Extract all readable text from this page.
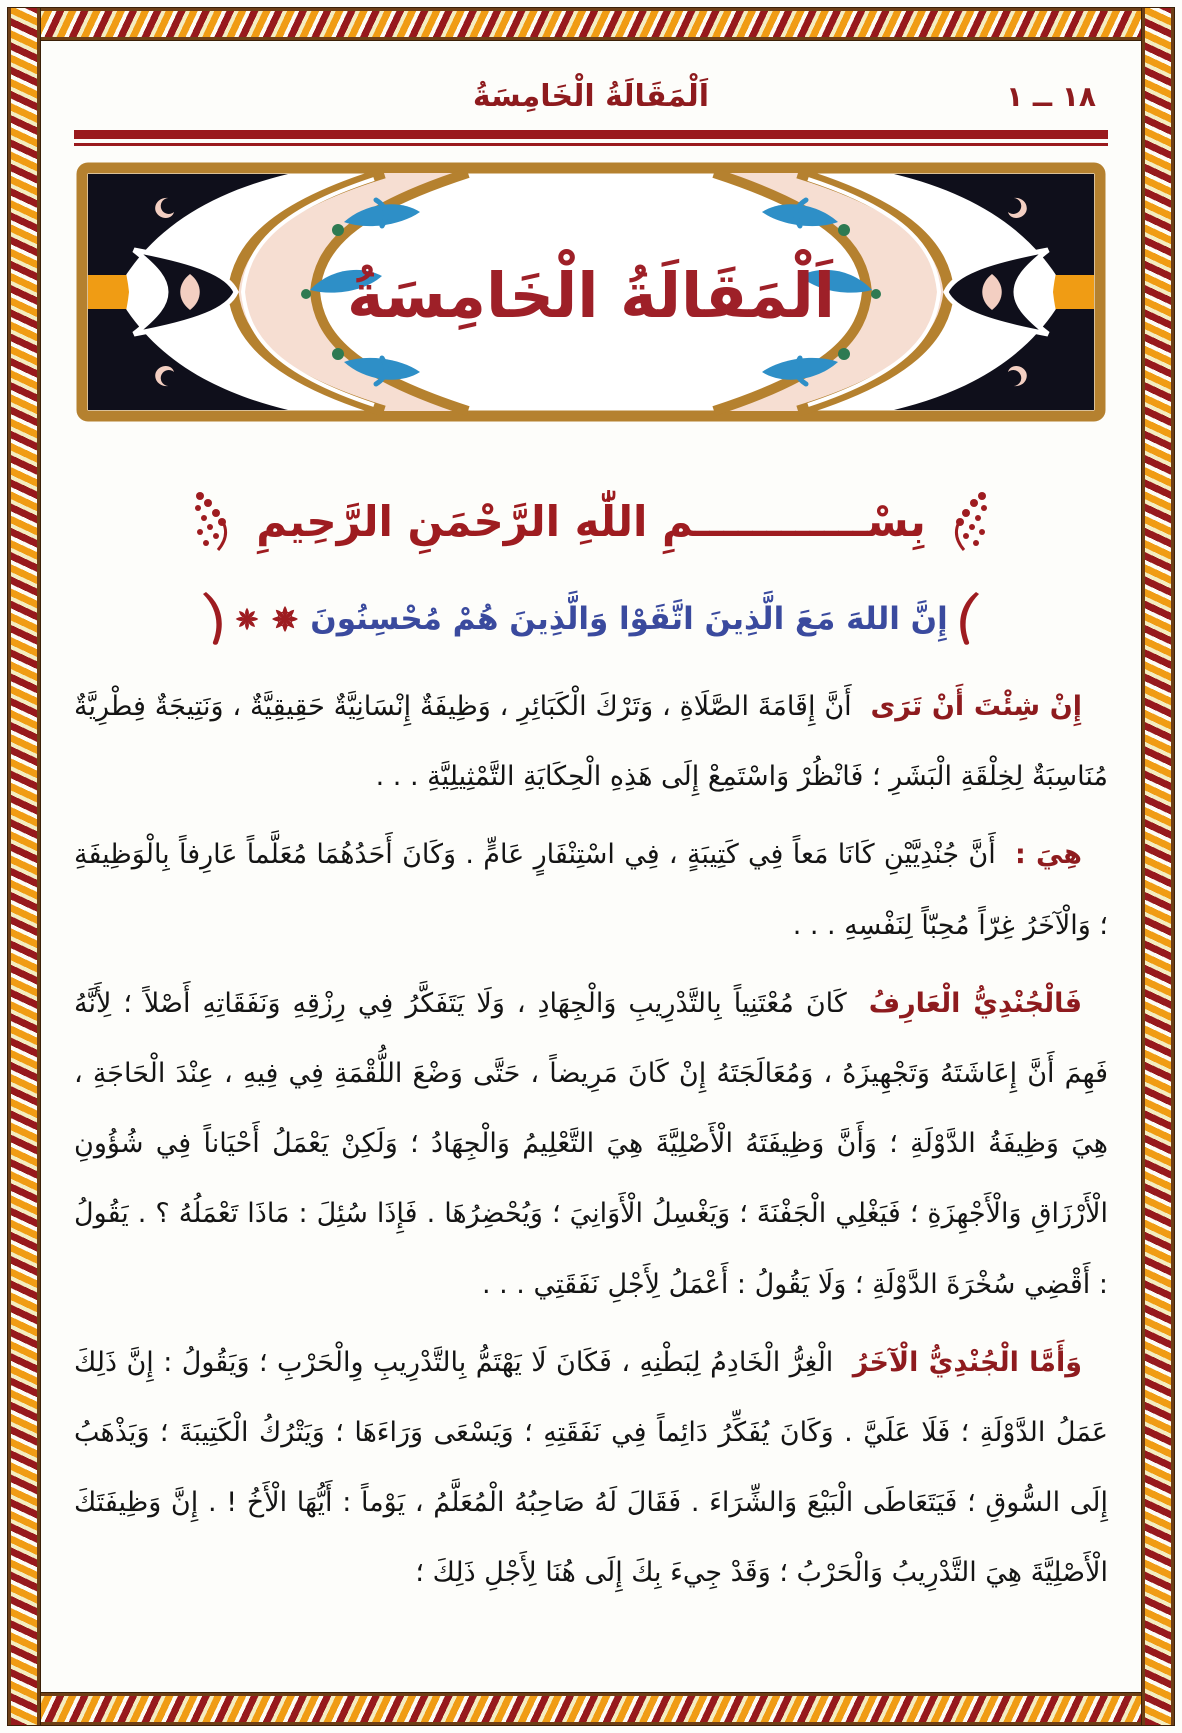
اَلْمَقَالَةُ الْخَامِسَةُ	١٨ ــ ١
اَلْمَقَالَةُ الْخَامِسَةُ
بِسْــــــــــــمِ اللّٰهِ الرَّحْمَنِ الرَّحِيمِ
إِنَّ اللهَ مَعَ الَّذِينَ اتَّقَوْا وَالَّذِينَ هُمْ مُحْسِنُونَ

إِنْ شِئْتَ أَنْ تَرَى أَنَّ إِقَامَةَ الصَّلَاةِ ، وَتَرْكَ الْكَبَائِرِ ، وَظِيفَةٌ إِنْسَانِيَّةٌ حَقِيقِيَّةٌ ، وَنَتِيجَةٌ فِطْرِيَّةٌ مُنَاسِبَةٌ لِخِلْقَةِ الْبَشَرِ ؛ فَانْظُرْ وَاسْتَمِعْ إِلَى هَذِهِ الْحِكَايَةِ التَّمْثِيلِيَّةِ . . .

هِيَ : أَنَّ جُنْدِيَّيْنِ كَانَا مَعاً فِي كَتِيبَةٍ ، فِي اسْتِنْفَارٍ عَامٍّ . وَكَانَ أَحَدُهُمَا مُعَلَّماً عَارِفاً بِالْوَظِيفَةِ ؛ وَالْآخَرُ غِرّاً مُحِبّاً لِنَفْسِهِ . . .

فَالْجُنْدِيُّ الْعَارِفُ كَانَ مُعْتَنِياً بِالتَّدْرِيبِ وَالْجِهَادِ ، وَلَا يَتَفَكَّرُ فِي رِزْقِهِ وَنَفَقَاتِهِ أَصْلاً ؛ لِأَنَّهُ فَهِمَ أَنَّ إِعَاشَتَهُ وَتَجْهِيزَهُ ، وَمُعَالَجَتَهُ إِنْ كَانَ مَرِيضاً ، حَتَّى وَضْعَ اللُّقْمَةِ فِي فِيهِ ، عِنْدَ الْحَاجَةِ ، هِيَ وَظِيفَةُ الدَّوْلَةِ ؛ وَأَنَّ وَظِيفَتَهُ الْأَصْلِيَّةَ هِيَ التَّعْلِيمُ وَالْجِهَادُ ؛ وَلَكِنْ يَعْمَلُ أَحْيَاناً فِي شُؤُونِ الْأَرْزَاقِ وَالْأَجْهِزَةِ ؛ فَيَغْلِي الْجَفْنَةَ ؛ وَيَغْسِلُ الْأَوَانِيَ ؛ وَيُحْضِرُهَا . فَإِذَا سُئِلَ : مَاذَا تَعْمَلُهُ ؟ . يَقُولُ : أَقْضِي سُخْرَةَ الدَّوْلَةِ ؛ وَلَا يَقُولُ : أَعْمَلُ لِأَجْلِ نَفَقَتِي . . .

وَأَمَّا الْجُنْدِيُّ الْآخَرُ الْغِرُّ الْخَادِمُ لِبَطْنِهِ ، فَكَانَ لَا يَهْتَمُّ بِالتَّدْرِيبِ وِالْحَرْبِ ؛ وَيَقُولُ : إِنَّ ذَلِكَ عَمَلُ الدَّوْلَةِ ؛ فَلَا عَلَيَّ . وَكَانَ يُفَكِّرُ دَائِماً فِي نَفَقَتِهِ ؛ وَيَسْعَى وَرَاءَهَا ؛ وَيَتْرُكُ الْكَتِيبَةَ ؛ وَيَذْهَبُ إِلَى السُّوقِ ؛ فَيَتَعَاطَى الْبَيْعَ وَالشِّرَاءَ . فَقَالَ لَهُ صَاحِبُهُ الْمُعَلَّمُ ، يَوْماً : أَيُّهَا الْأَخُ ! . إِنَّ وَظِيفَتَكَ الْأَصْلِيَّةَ هِيَ التَّدْرِيبُ وَالْحَرْبُ ؛ وَقَدْ جِيءَ بِكَ إِلَى هُنَا لِأَجْلِ ذَلِكَ ؛
